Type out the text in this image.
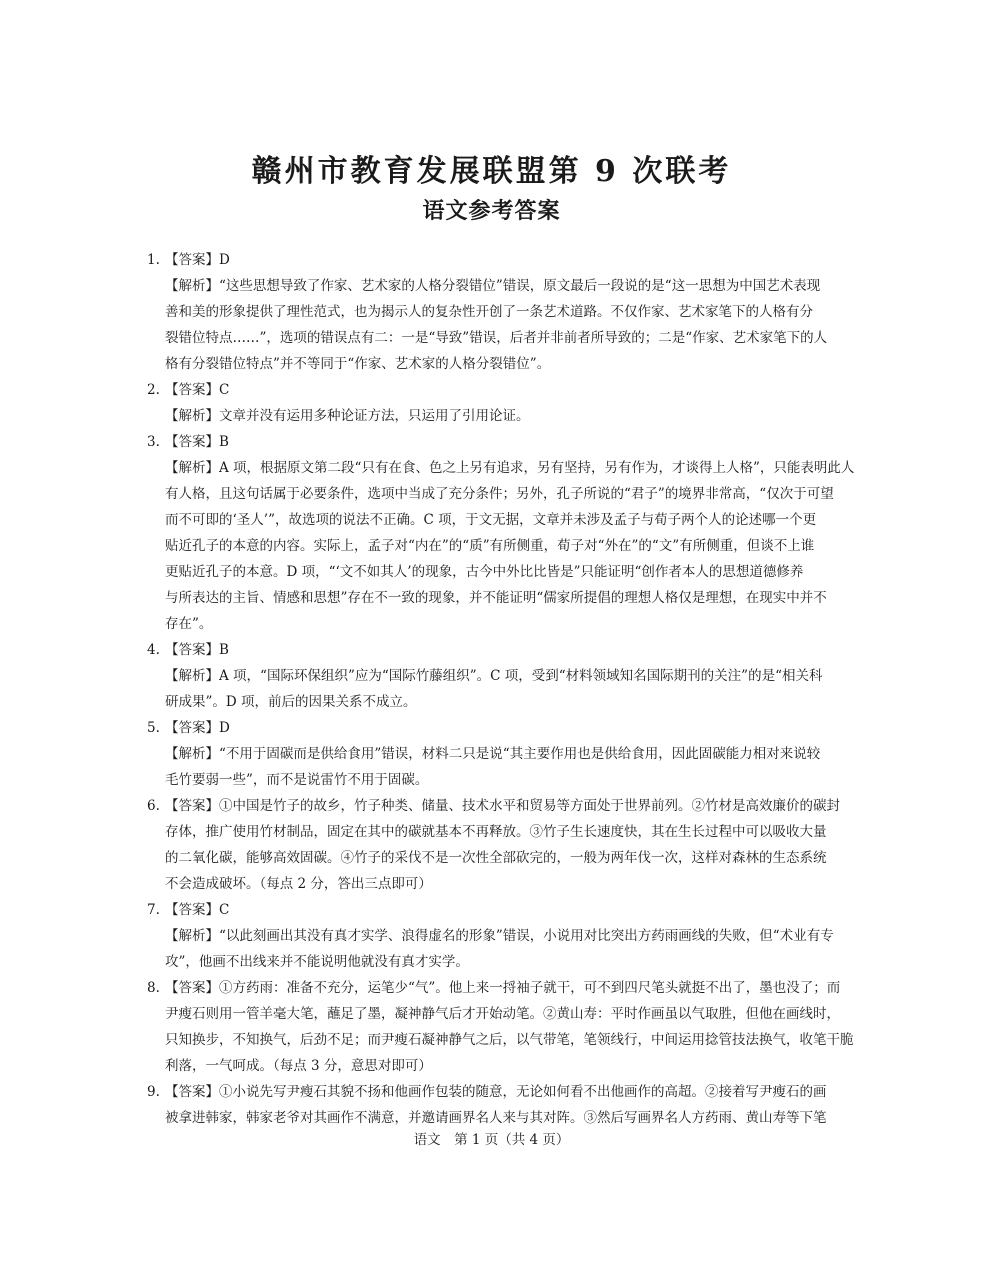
赣州市教育发展联盟第 9 次联考
语文参考答案

1. 【答案】D

【解析】“这些思想导致了作家、艺术家的人格分裂错位”错误，原文最后一段说的是“这一思想为中国艺术表现

善和美的形象提供了理性范式，也为揭示人的复杂性开创了一条艺术道路。不仅作家、艺术家笔下的人格有分

裂错位特点……”，选项的错误点有二：一是“导致”错误，后者并非前者所导致的；二是“作家、艺术家笔下的人

格有分裂错位特点”并不等同于“作家、艺术家的人格分裂错位”。

2. 【答案】C

【解析】文章并没有运用多种论证方法，只运用了引用论证。

3. 【答案】B

【解析】A 项，根据原文第二段“只有在食、色之上另有追求，另有坚持，另有作为，才谈得上人格”，只能表明此人

有人格，且这句话属于必要条件，选项中当成了充分条件；另外，孔子所说的“君子”的境界非常高，“仅次于可望

而不可即的‘圣人’”，故选项的说法不正确。C 项，于文无据，文章并未涉及孟子与荀子两个人的论述哪一个更

贴近孔子的本意的内容。实际上，孟子对“内在”的“质”有所侧重，荀子对“外在”的“文”有所侧重，但谈不上谁

更贴近孔子的本意。D 项，“‘文不如其人’的现象，古今中外比比皆是”只能证明“创作者本人的思想道德修养

与所表达的主旨、情感和思想”存在不一致的现象，并不能证明“儒家所提倡的理想人格仅是理想，在现实中并不

存在”。

4. 【答案】B

【解析】A 项，“国际环保组织”应为“国际竹藤组织”。C 项，受到“材料领域知名国际期刊的关注”的是“相关科

研成果”。D 项，前后的因果关系不成立。

5. 【答案】D

【解析】“不用于固碳而是供给食用”错误，材料二只是说“其主要作用也是供给食用，因此固碳能力相对来说较

毛竹要弱一些”，而不是说雷竹不用于固碳。

6. 【答案】①中国是竹子的故乡，竹子种类、储量、技术水平和贸易等方面处于世界前列。②竹材是高效廉价的碳封

存体，推广使用竹材制品，固定在其中的碳就基本不再释放。③竹子生长速度快，其在生长过程中可以吸收大量

的二氧化碳，能够高效固碳。④竹子的采伐不是一次性全部砍完的，一般为两年伐一次，这样对森林的生态系统

不会造成破坏。（每点 2 分，答出三点即可）

7. 【答案】C

【解析】“以此刻画出其没有真才实学、浪得虚名的形象”错误，小说用对比突出方药雨画线的失败，但“术业有专

攻”，他画不出线来并不能说明他就没有真才实学。

8. 【答案】①方药雨：准备不充分，运笔少“气”。他上来一捋袖子就干，可不到四尺笔头就挺不出了，墨也没了；而

尹瘦石则用一管羊毫大笔，蘸足了墨，凝神静气后才开始动笔。②黄山寿：平时作画虽以气取胜，但他在画线时，

只知换步，不知换气，后劲不足；而尹瘦石凝神静气之后，以气带笔，笔领线行，中间运用捻管技法换气，收笔干脆

利落，一气呵成。（每点 3 分，意思对即可）

9. 【答案】①小说先写尹瘦石其貌不扬和他画作包装的随意，无论如何看不出他画作的高超。②接着写尹瘦石的画

被拿进韩家，韩家老爷对其画作不满意，并邀请画界名人来与其对阵。③然后写画界名人方药雨、黄山寿等下笔

语文　第 1 页（共 4 页）
